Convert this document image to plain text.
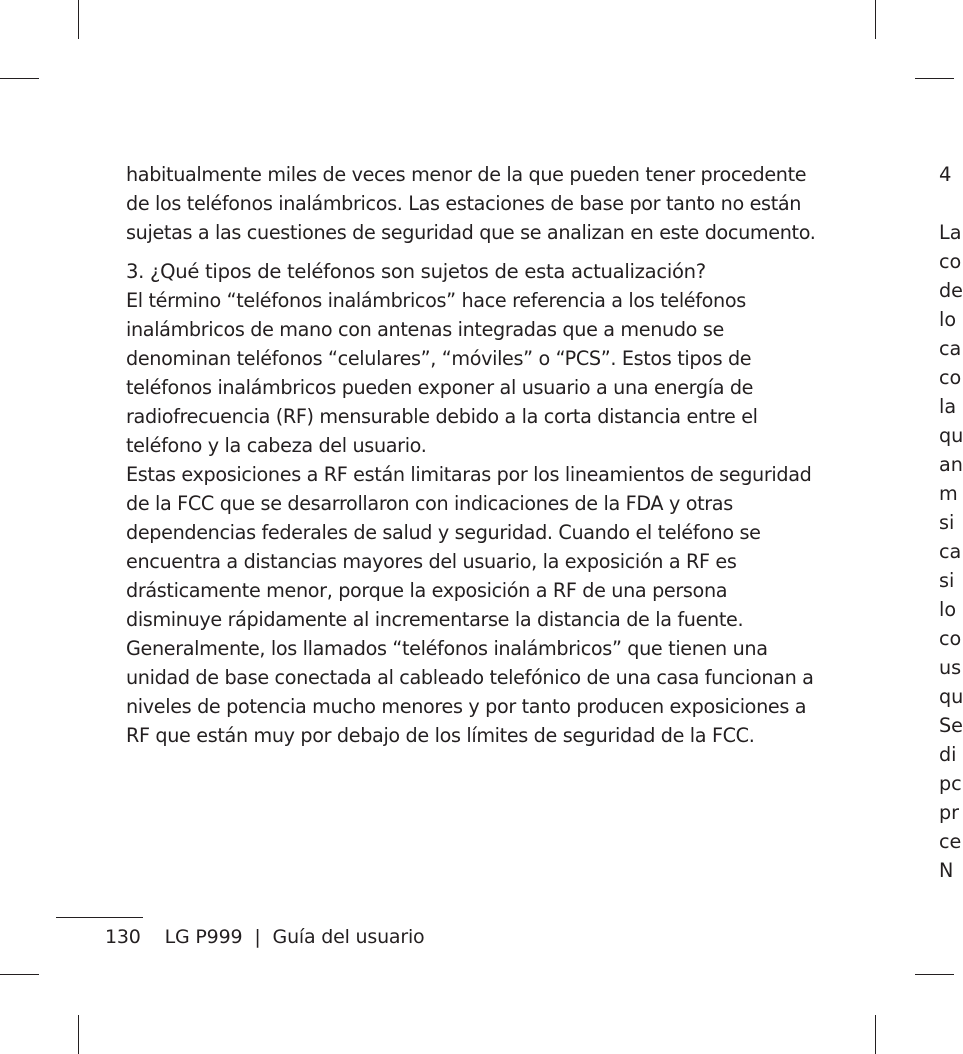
habitualmente miles de veces menor de la que pueden tener procedente de los teléfonos inalámbricos. Las estaciones de base por tanto no están sujetas a las cuestiones de seguridad que se analizan en este documento.

3. ¿Qué tipos de teléfonos son sujetos de esta actualización?

El término “teléfonos inalámbricos” hace referencia a los teléfonos inalámbricos de mano con antenas integradas que a menudo se denominan teléfonos “celulares”, “móviles” o “PCS”. Estos tipos de teléfonos inalámbricos pueden exponer al usuario a una energía de radiofrecuencia (RF) mensurable debido a la corta distancia entre el teléfono y la cabeza del usuario.

Estas exposiciones a RF están limitaras por los lineamientos de seguridad de la FCC que se desarrollaron con indicaciones de la FDA y otras dependencias federales de salud y seguridad. Cuando el teléfono se encuentra a distancias mayores del usuario, la exposición a RF es drásticamente menor, porque la exposición a RF de una persona disminuye rápidamente al incrementarse la distancia de la fuente. Generalmente, los llamados “teléfonos inalámbricos” que tienen una unidad de base conectada al cableado telefónico de una casa funcionan a niveles de potencia mucho menores y por tanto producen exposiciones a RF que están muy por debajo de los límites de seguridad de la FCC.

4
La
co
de
lo
ca
co
la
qu
an
m
si
ca
si
lo
co
us
qu
Se
di
pc
pr
ce
N
130 LG P999 | Guía del usuario
